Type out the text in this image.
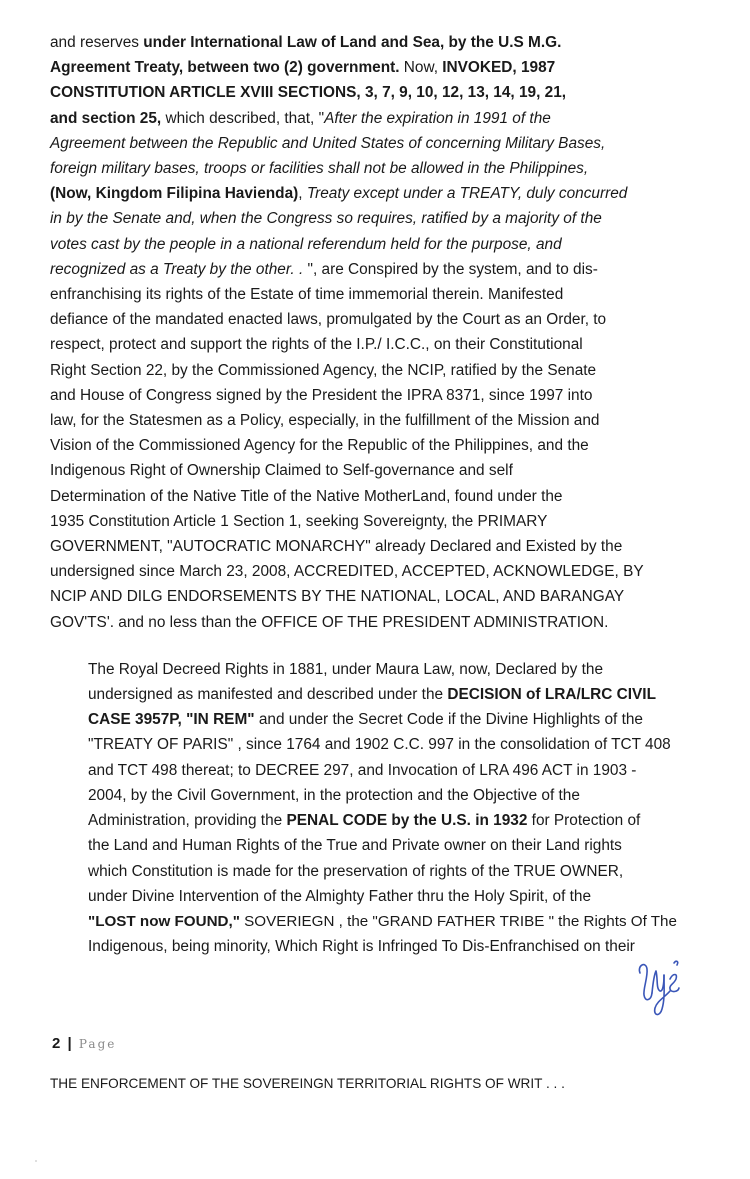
and reserves under International Law of Land and Sea, by the U.S M.G.
Agreement Treaty, between two (2) government. Now, INVOKED, 1987
CONSTITUTION ARTICLE XVIII SECTIONS, 3, 7, 9, 10, 12, 13, 14, 19, 21,
and section 25, which described, that, "After the expiration in 1991 of the
Agreement between the Republic and United States of concerning Military Bases,
foreign military bases, troops or facilities shall not be allowed in the Philippines,
(Now, Kingdom Filipina Havienda), Treaty except under a TREATY, duly concurred
in by the Senate and, when the Congress so requires, ratified by a majority of the
votes cast by the people in a national referendum held for the purpose, and
recognized as a Treaty by the other. . ", are Conspired by the system, and to dis-
enfranchising its rights of the Estate of time immemorial therein. Manifested
defiance of the mandated enacted laws, promulgated by the Court as an Order, to
respect, protect and support the rights of the I.P./ I.C.C., on their Constitutional
Right Section 22, by the Commissioned Agency, the NCIP, ratified by the Senate
and House of Congress signed by the President the IPRA 8371, since 1997 into
law, for the Statesmen as a Policy, especially, in the fulfillment of the Mission and
Vision of the Commissioned Agency for the Republic of the Philippines, and the
Indigenous Right of Ownership Claimed to Self-governance and self
Determination of the Native Title of the Native MotherLand, found under the
1935 Constitution Article 1 Section 1, seeking Sovereignty, the PRIMARY
GOVERNMENT, "AUTOCRATIC MONARCHY" already Declared and Existed by the
undersigned since March 23, 2008, ACCREDITED, ACCEPTED, ACKNOWLEDGE, BY
NCIP AND DILG ENDORSEMENTS BY THE NATIONAL, LOCAL, AND BARANGAY
GOV'TS'. and no less than the OFFICE OF THE PRESIDENT ADMINISTRATION.

The Royal Decreed Rights in 1881, under Maura Law, now, Declared by the
undersigned as manifested and described under the DECISION of LRA/LRC CIVIL
CASE 3957P, "IN REM" and under the Secret Code if the Divine Highlights of the
"TREATY OF PARIS" , since 1764 and 1902 C.C. 997 in the consolidation of TCT 408
and TCT 498 thereat; to DECREE 297, and Invocation of LRA 496 ACT in 1903 -
2004, by the Civil Government, in the protection and the Objective of the
Administration, providing the PENAL CODE by the U.S. in 1932 for Protection of
the Land and Human Rights of the True and Private owner on their Land rights
which Constitution is made for the preservation of rights of the TRUE OWNER,
under Divine Intervention of the Almighty Father thru the Holy Spirit, of the
"LOST now FOUND," SOVERIEGN , the "GRAND FATHER TRIBE " the Rights Of The
Indigenous, being minority, Which Right is Infringed To Dis-Enfranchised on their

2 | Page
THE ENFORCEMENT OF THE SOVEREINGN TERRITORIAL RIGHTS OF WRIT . . .
